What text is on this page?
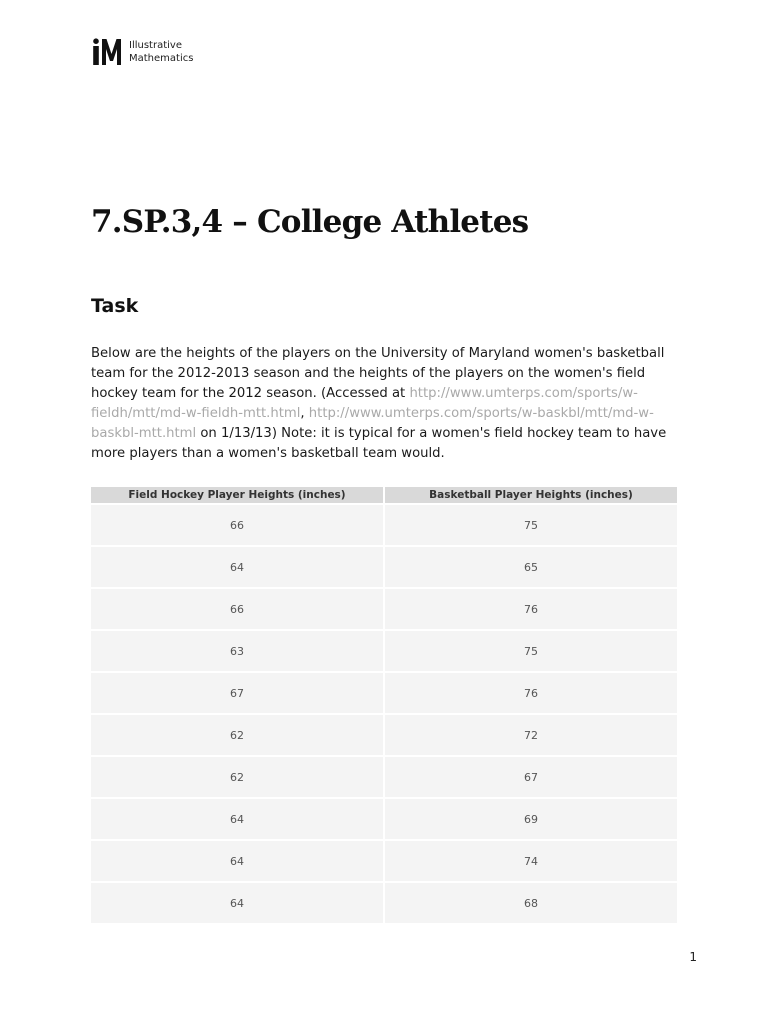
Illustrative
Mathematics
7.SP.3,4 – College Athletes
Task

Below are the heights of the players on the University of Maryland women's basketball team for the 2012-2013 season and the heights of the players on the women's field hockey team for the 2012 season. (Accessed at http://www.umterps.com/sports/w-fieldh/mtt/md-w-fieldh-mtt.html, http://www.umterps.com/sports/w-baskbl/mtt/md-w-baskbl-mtt.html on 1/13/13) Note: it is typical for a women's field hockey team to have more players than a women's basketball team would.

Field Hockey Player Heights (inches)	Basketball Player Heights (inches)
66	75
64	65
66	76
63	75
67	76
62	72
62	67
64	69
64	74
64	68
1
